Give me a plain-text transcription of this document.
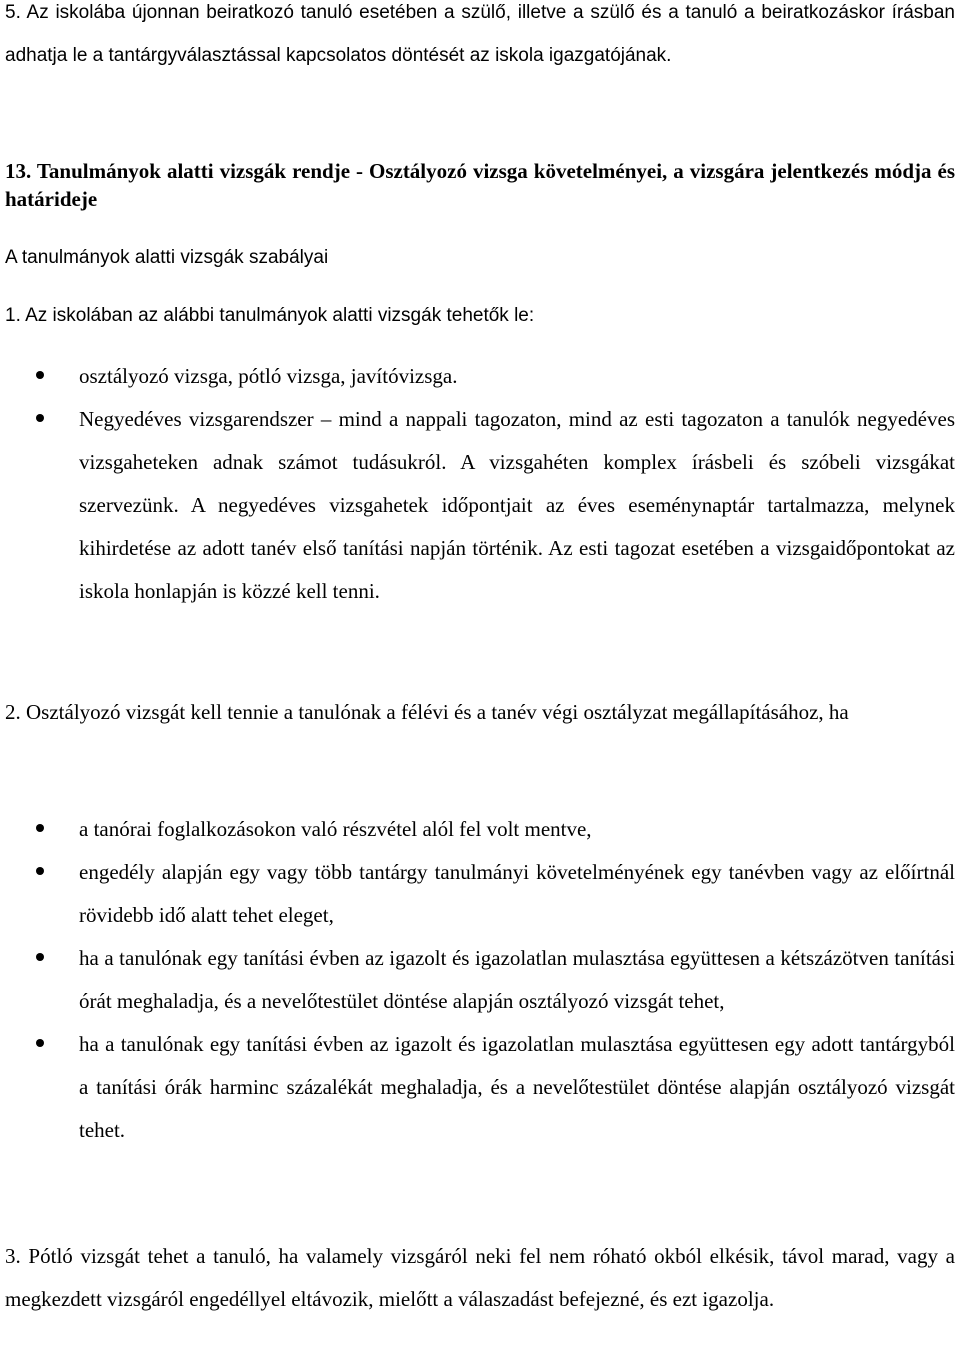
5. Az iskolába újonnan beiratkozó tanuló esetében a szülő, illetve a szülő és a tanuló a beiratkozáskor írásban adhatja le a tantárgyválasztással kapcsolatos döntését az iskola igazgatójának.

13. Tanulmányok alatti vizsgák rendje - Osztályozó vizsga követelményei, a vizsgára jelentkezés módja és határideje

A tanulmányok alatti vizsgák szabályai

1. Az iskolában az alábbi tanulmányok alatti vizsgák tehetők le:

osztályozó vizsga, pótló vizsga, javítóvizsga.
Negyedéves vizsgarendszer – mind a nappali tagozaton, mind az esti tagozaton a tanulók negyedéves vizsgaheteken adnak számot tudásukról. A vizsgahéten komplex írásbeli és szóbeli vizsgákat szervezünk. A negyedéves vizsgahetek időpontjait az éves eseménynaptár tartalmazza, melynek kihirdetése az adott tanév első tanítási napján történik. Az esti tagozat esetében a vizsgaidőpontokat az iskola honlapján is közzé kell tenni.

2. Osztályozó vizsgát kell tennie a tanulónak a félévi és a tanév végi osztályzat megállapításához, ha

a tanórai foglalkozásokon való részvétel alól fel volt mentve,
engedély alapján egy vagy több tantárgy tanulmányi követelményének egy tanévben vagy az előírtnál rövidebb idő alatt tehet eleget,
ha a tanulónak egy tanítási évben az igazolt és igazolatlan mulasztása együttesen a kétszázötven tanítási órát meghaladja, és a nevelőtestület döntése alapján osztályozó vizsgát tehet,
ha a tanulónak egy tanítási évben az igazolt és igazolatlan mulasztása együttesen egy adott tantárgyból a tanítási órák harminc százalékát meghaladja, és a nevelőtestület döntése alapján osztályozó vizsgát tehet.

3. Pótló vizsgát tehet a tanuló, ha valamely vizsgáról neki fel nem róható okból elkésik, távol marad, vagy a megkezdett vizsgáról engedéllyel eltávozik, mielőtt a válaszadást befejezné, és ezt igazolja.
